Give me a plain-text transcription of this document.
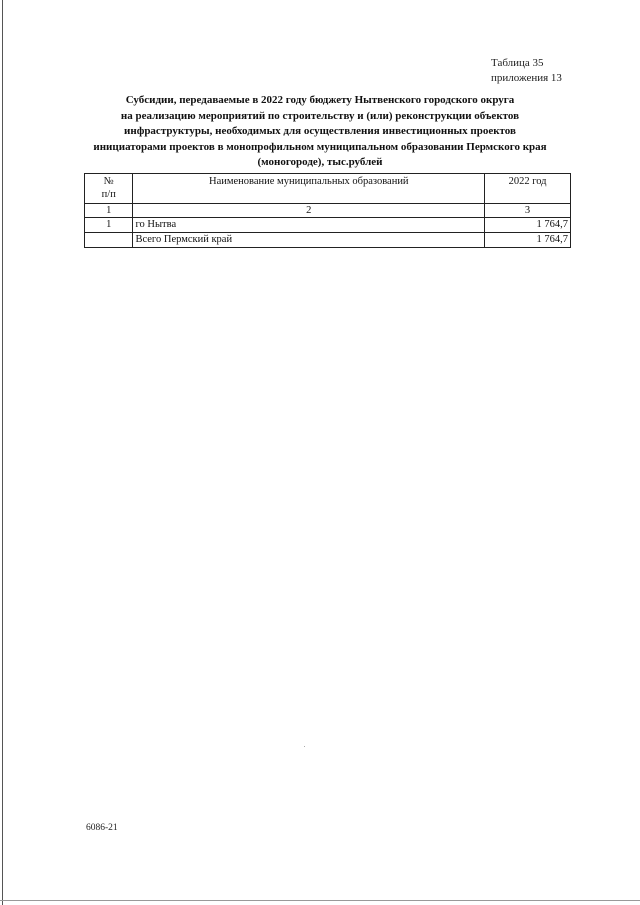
Таблица 35
приложения 13
Субсидии, передаваемые в 2022 году бюджету Нытвенского городского округа
на реализацию мероприятий по строительству и (или) реконструкции объектов
инфраструктуры, необходимых для осуществления инвестиционных проектов
инициаторами проектов в монопрофильном муниципальном образовании Пермского края
(моногороде), тыс.рублей
№
п/п	Наименование муниципальных образований	2022 год
1	2	3
1	го Нытва	1 764,7
	Всего Пермский край	1 764,7
6086-21
